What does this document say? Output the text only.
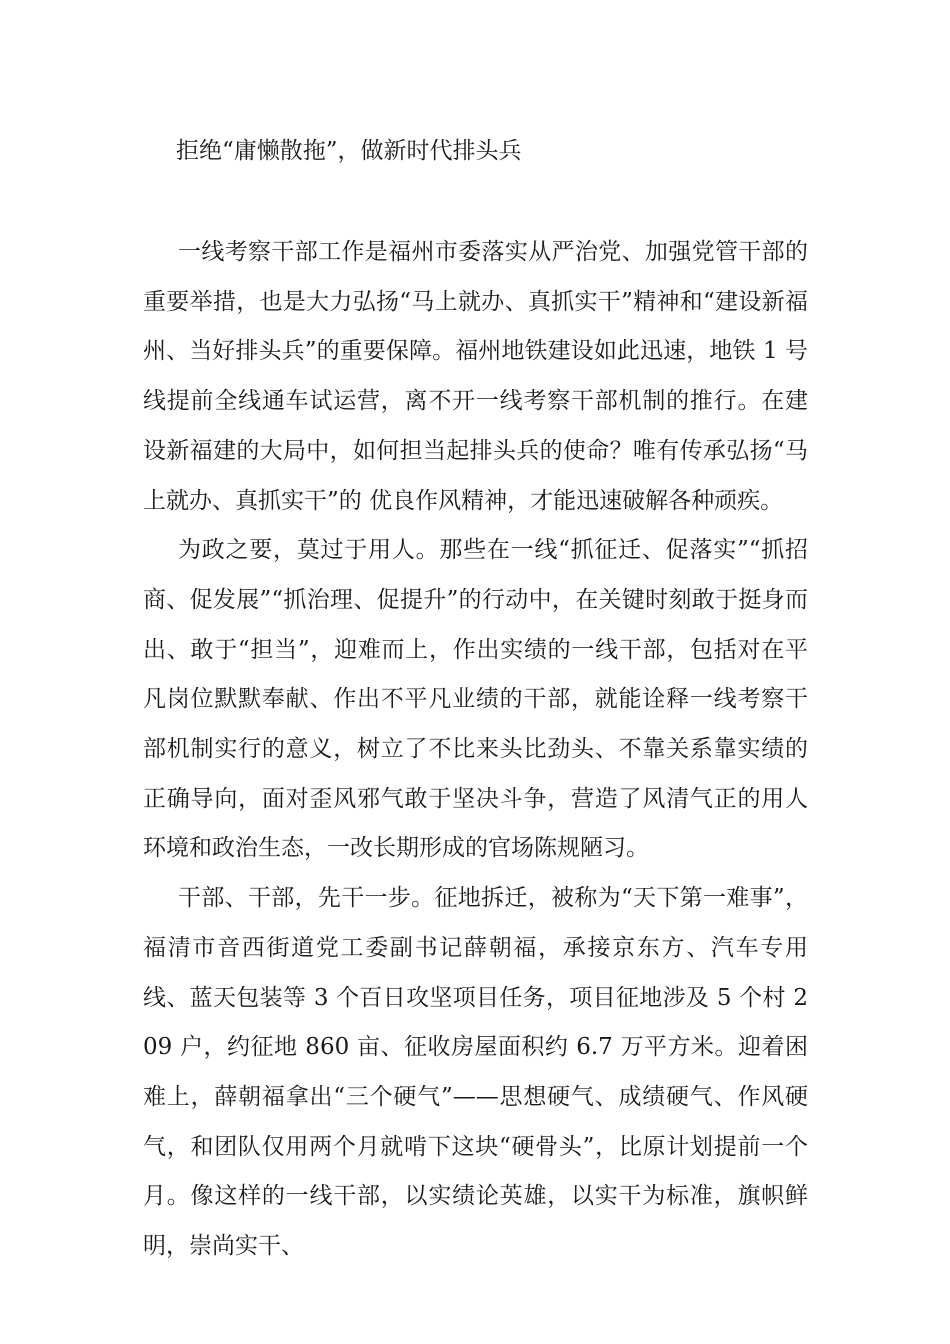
拒绝“庸懒散拖”，做新时代排头兵

一线考察干部工作是福州市委落实从严治党、加强党管干部的重要举措，也是大力弘扬“马上就办、真抓实干”精神和“建设新福州、当好排头兵”的重要保障。福州地铁建设如此迅速，地铁 1 号线提前全线通车试运营，离不开一线考察干部机制的推行。在建设新福建的大局中，如何担当起排头兵的使命？唯有传承弘扬“马上就办、真抓实干”的 优良作风精神，才能迅速破解各种顽疾。

为政之要，莫过于用人。那些在一线“抓征迁、促落实”“抓招商、促发展”“抓治理、促提升”的行动中，在关键时刻敢于挺身而出、敢于“担当”，迎难而上，作出实绩的一线干部，包括对在平凡岗位默默奉献、作出不平凡业绩的干部，就能诠释一线考察干部机制实行的意义，树立了不比来头比劲头、不靠关系靠实绩的正确导向，面对歪风邪气敢于坚决斗争，营造了风清气正的用人环境和政治生态，一改长期形成的官场陈规陋习。

干部、干部，先干一步。征地拆迁，被称为“天下第一难事”，福清市音西街道党工委副书记薛朝福，承接京东方、汽车专用线、蓝天包装等 3 个百日攻坚项目任务，项目征地涉及 5 个村 209 户，约征地 860 亩、征收房屋面积约 6.7 万平方米。迎着困难上，薛朝福拿出“三个硬气”——思想硬气、成绩硬气、作风硬气，和团队仅用两个月就啃下这块“硬骨头”，比原计划提前一个月。像这样的一线干部，以实绩论英雄，以实干为标准，旗帜鲜明，崇尚实干、
